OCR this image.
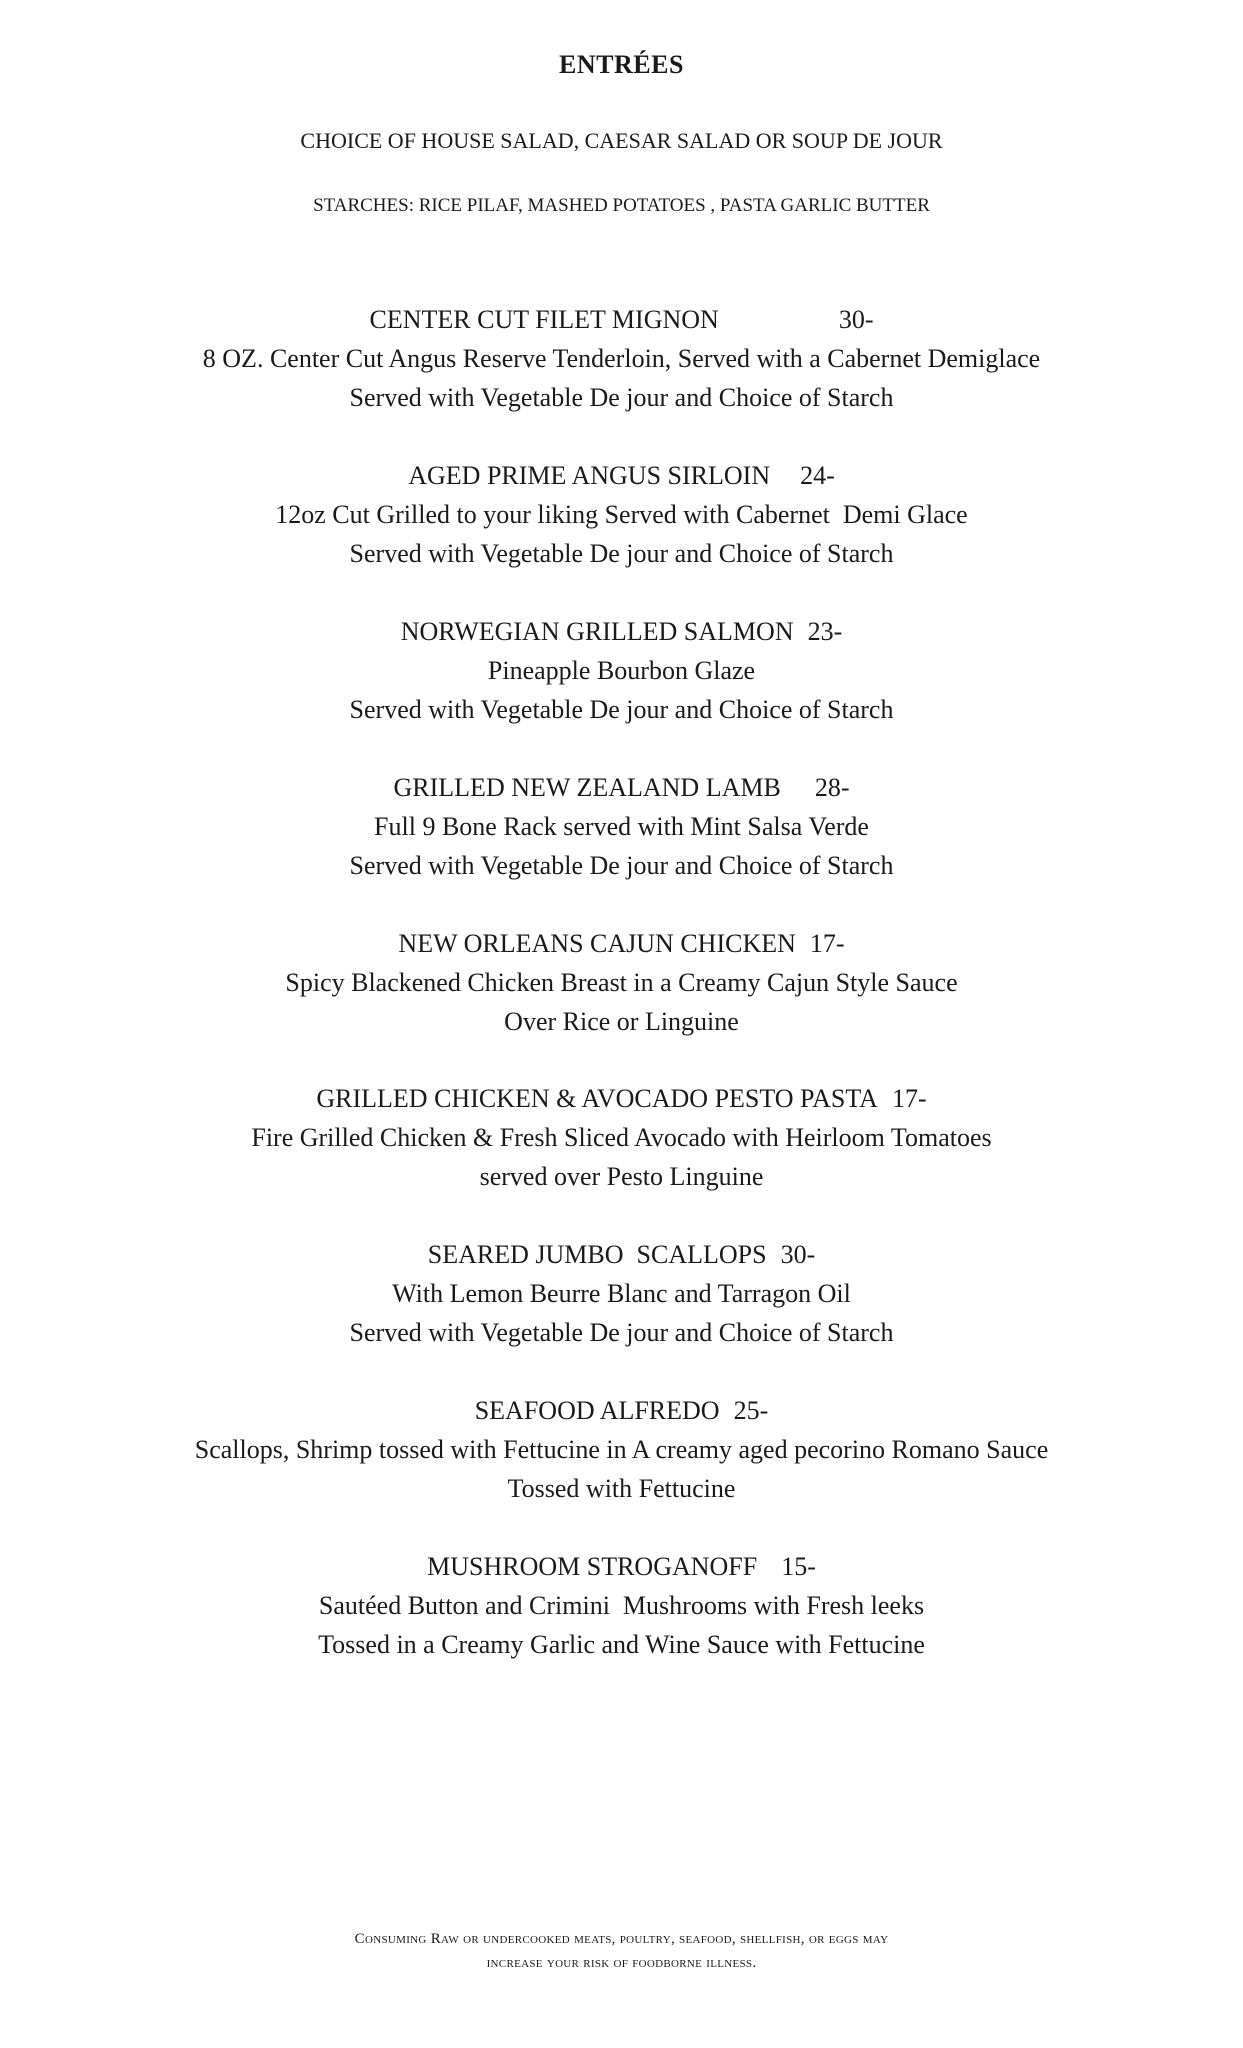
ENTRÉES
CHOICE OF HOUSE SALAD, CAESAR SALAD OR SOUP DE JOUR
STARCHES: RICE PILAF, MASHED POTATOES , PASTA GARLIC BUTTER
CENTER CUT FILET MIGNON	30-
8 OZ. Center Cut Angus Reserve Tenderloin, Served with a Cabernet Demiglace
Served with Vegetable De jour and Choice of Starch
AGED PRIME ANGUS SIRLOIN 24-
12oz Cut Grilled to your liking Served with Cabernet  Demi Glace
Served with Vegetable De jour and Choice of Starch
NORWEGIAN GRILLED SALMON 23-
Pineapple Bourbon Glaze
Served with Vegetable De jour and Choice of Starch
GRILLED NEW ZEALAND LAMB 28-
Full 9 Bone Rack served with Mint Salsa Verde
Served with Vegetable De jour and Choice of Starch
NEW ORLEANS CAJUN CHICKEN 17-
Spicy Blackened Chicken Breast in a Creamy Cajun Style Sauce
Over Rice or Linguine
GRILLED CHICKEN & AVOCADO PESTO PASTA 17-
Fire Grilled Chicken & Fresh Sliced Avocado with Heirloom Tomatoes
served over Pesto Linguine
SEARED JUMBO  SCALLOPS 30-
With Lemon Beurre Blanc and Tarragon Oil
Served with Vegetable De jour and Choice of Starch
SEAFOOD ALFREDO 25-
Scallops, Shrimp tossed with Fettucine in A creamy aged pecorino Romano Sauce
Tossed with Fettucine
MUSHROOM STROGANOFF 15-
Sautéed Button and Crimini  Mushrooms with Fresh leeks
Tossed in a Creamy Garlic and Wine Sauce with Fettucine
Consuming Raw or undercooked meats, poultry, seafood, shellfish, or eggs may
increase your risk of foodborne illness.
